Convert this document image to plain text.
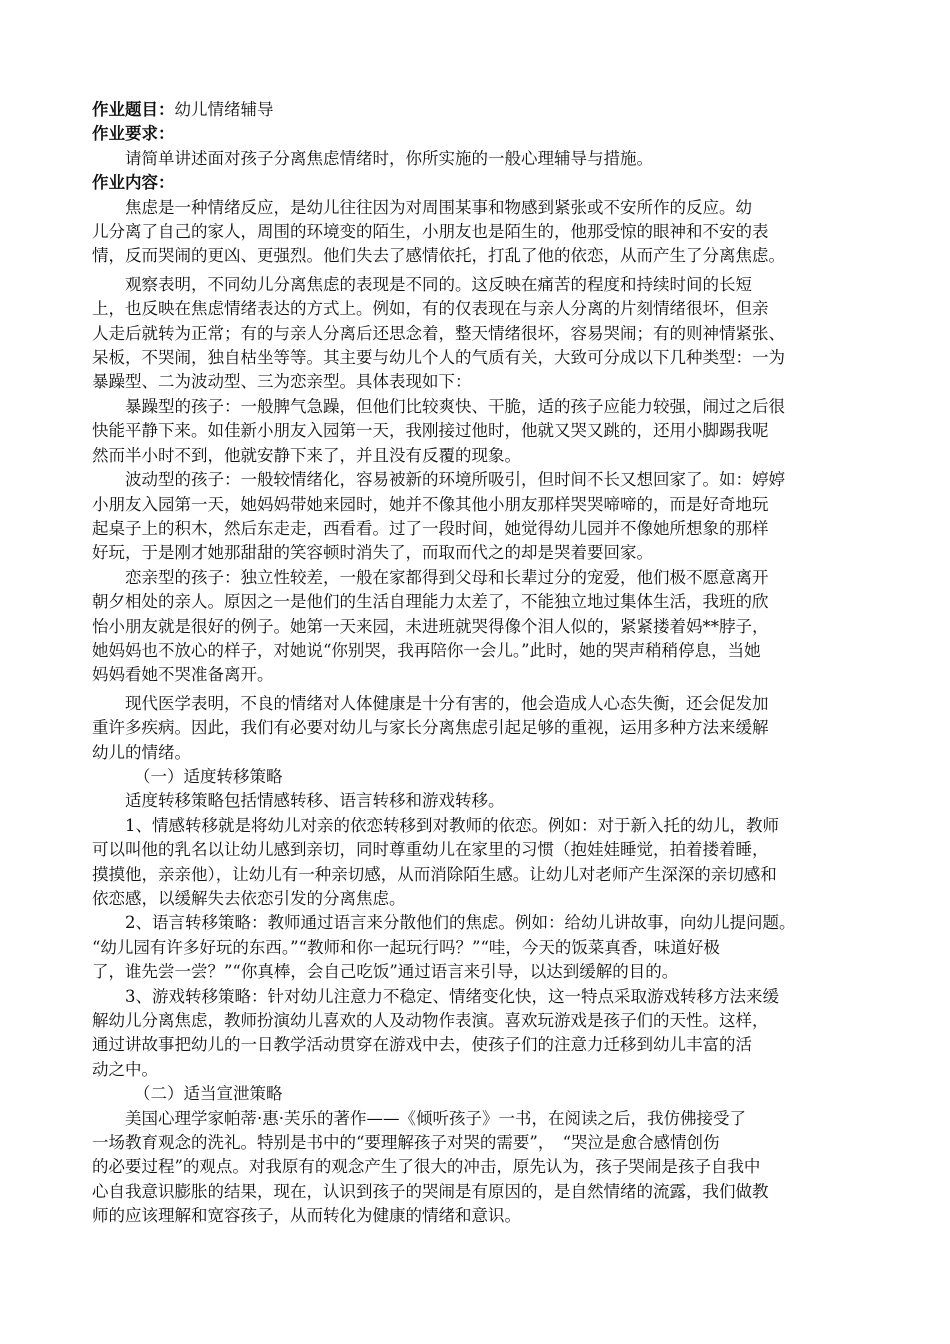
作业题目：幼儿情绪辅导
作业要求：
请简单讲述面对孩子分离焦虑情绪时，你所实施的一般心理辅导与措施。
作业内容：
焦虑是一种情绪反应，是幼儿往往因为对周围某事和物感到紧张或不安所作的反应。幼
儿分离了自己的家人，周围的环境变的陌生，小朋友也是陌生的，他那受惊的眼神和不安的表
情，反而哭闹的更凶、更强烈。他们失去了感情依托，打乱了他的依恋，从而产生了分离焦虑。
观察表明，不同幼儿分离焦虑的表现是不同的。这反映在痛苦的程度和持续时间的长短
上，也反映在焦虑情绪表达的方式上。例如，有的仅表现在与亲人分离的片刻情绪很坏，但亲
人走后就转为正常；有的与亲人分离后还思念着，整天情绪很坏，容易哭闹；有的则神情紧张、
呆板，不哭闹，独自枯坐等等。其主要与幼儿个人的气质有关，大致可分成以下几种类型：一为
暴躁型、二为波动型、三为恋亲型。具体表现如下：
暴躁型的孩子：一般脾气急躁，但他们比较爽快、干脆，适的孩子应能力较强，闹过之后很
快能平静下来。如佳新小朋友入园第一天，我刚接过他时，他就又哭又跳的，还用小脚踢我呢
然而半小时不到，他就安静下来了，并且没有反覆的现象。
波动型的孩子：一般较情绪化，容易被新的环境所吸引，但时间不长又想回家了。如：婷婷
小朋友入园第一天，她妈妈带她来园时，她并不像其他小朋友那样哭哭啼啼的，而是好奇地玩
起桌子上的积木，然后东走走，西看看。过了一段时间，她觉得幼儿园并不像她所想象的那样
好玩，于是刚才她那甜甜的笑容顿时消失了，而取而代之的却是哭着要回家。
恋亲型的孩子：独立性较差，一般在家都得到父母和长辈过分的宠爱，他们极不愿意离开
朝夕相处的亲人。原因之一是他们的生活自理能力太差了，不能独立地过集体生活，我班的欣
怡小朋友就是很好的例子。她第一天来园，未进班就哭得像个泪人似的，紧紧搂着妈**脖子，
她妈妈也不放心的样子，对她说“你别哭，我再陪你一会儿。”此时，她的哭声稍稍停息，当她
妈妈看她不哭准备离开。
现代医学表明，不良的情绪对人体健康是十分有害的，他会造成人心态失衡，还会促发加
重许多疾病。因此，我们有必要对幼儿与家长分离焦虑引起足够的重视，运用多种方法来缓解
幼儿的情绪。
（一）适度转移策略
适度转移策略包括情感转移、语言转移和游戏转移。
1、情感转移就是将幼儿对亲的依恋转移到对教师的依恋。例如：对于新入托的幼儿，教师
可以叫他的乳名以让幼儿感到亲切，同时尊重幼儿在家里的习惯（抱娃娃睡觉，拍着搂着睡，
摸摸他，亲亲他），让幼儿有一种亲切感，从而消除陌生感。让幼儿对老师产生深深的亲切感和
依恋感，以缓解失去依恋引发的分离焦虑。
2、语言转移策略：教师通过语言来分散他们的焦虑。例如：给幼儿讲故事，向幼儿提问题。
“幼儿园有许多好玩的东西。”“教师和你一起玩行吗？”“哇，今天的饭菜真香，味道好极
了，谁先尝一尝？”“你真棒，会自己吃饭”通过语言来引导，以达到缓解的目的。
3、游戏转移策略：针对幼儿注意力不稳定、情绪变化快，这一特点采取游戏转移方法来缓
解幼儿分离焦虑，教师扮演幼儿喜欢的人及动物作表演。喜欢玩游戏是孩子们的天性。这样，
通过讲故事把幼儿的一日教学活动贯穿在游戏中去，使孩子们的注意力迁移到幼儿丰富的活
动之中。
（二）适当宣泄策略
美国心理学家帕蒂·惠·芙乐的著作——《倾听孩子》一书，在阅读之后，我仿佛接受了
一场教育观念的洗礼。特别是书中的“要理解孩子对哭的需要”，　“哭泣是愈合感情创伤
的必要过程”的观点。对我原有的观念产生了很大的冲击，原先认为，孩子哭闹是孩子自我中
心自我意识膨胀的结果，现在，认识到孩子的哭闹是有原因的，是自然情绪的流露，我们做教
师的应该理解和宽容孩子，从而转化为健康的情绪和意识。
